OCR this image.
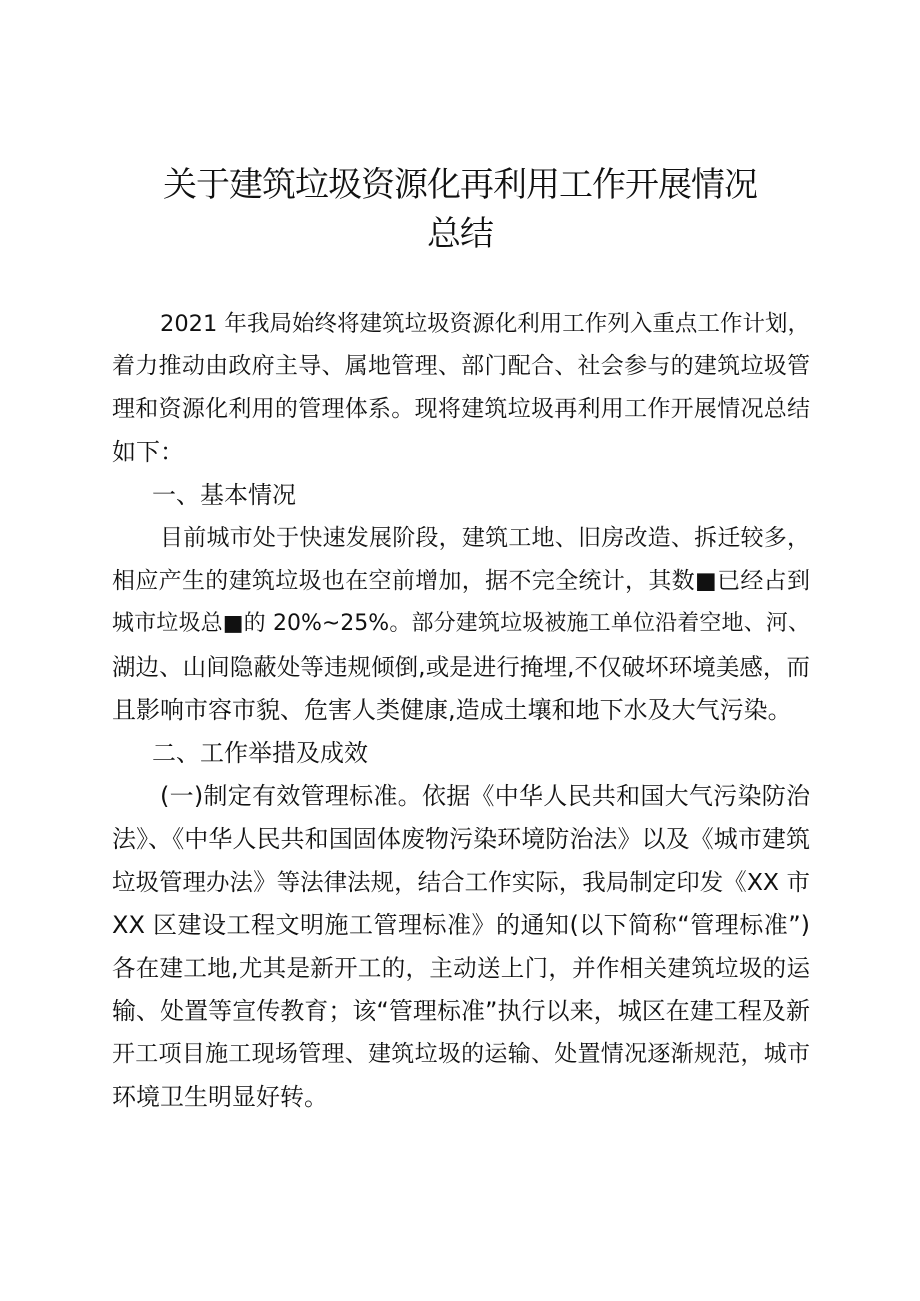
关于建筑垃圾资源化再利用工作开展情况
总结
2021 年我局始终将建筑垃圾资源化利用工作列入重点工作计划，
着力推动由政府主导、属地管理、部门配合、社会参与的建筑垃圾管
理和资源化利用的管理体系。现将建筑垃圾再利用工作开展情况总结
如下：
一、基本情况
目前城市处于快速发展阶段，建筑工地、旧房改造、拆迁较多，
相应产生的建筑垃圾也在空前增加，据不完全统计，其数■已经占到
城市垃圾总■的 20%~25%。部分建筑垃圾被施工单位沿着空地、河、
湖边、山间隐蔽处等违规倾倒,或是进行掩埋,不仅破坏环境美感，而
且影响市容市貌、危害人类健康,造成土壤和地下水及大气污染。
二、工作举措及成效
(一)制定有效管理标准。依据《中华人民共和国大气污染防治
法》、《中华人民共和国固体废物污染环境防治法》以及《城市建筑
垃圾管理办法》等法律法规，结合工作实际，我局制定印发《XX 市
XX 区建设工程文明施工管理标准》的通知(以下简称“管理标准”)
各在建工地,尤其是新开工的，主动送上门，并作相关建筑垃圾的运
输、处置等宣传教育；该“管理标准”执行以来，城区在建工程及新
开工项目施工现场管理、建筑垃圾的运输、处置情况逐渐规范，城市
环境卫生明显好转。
